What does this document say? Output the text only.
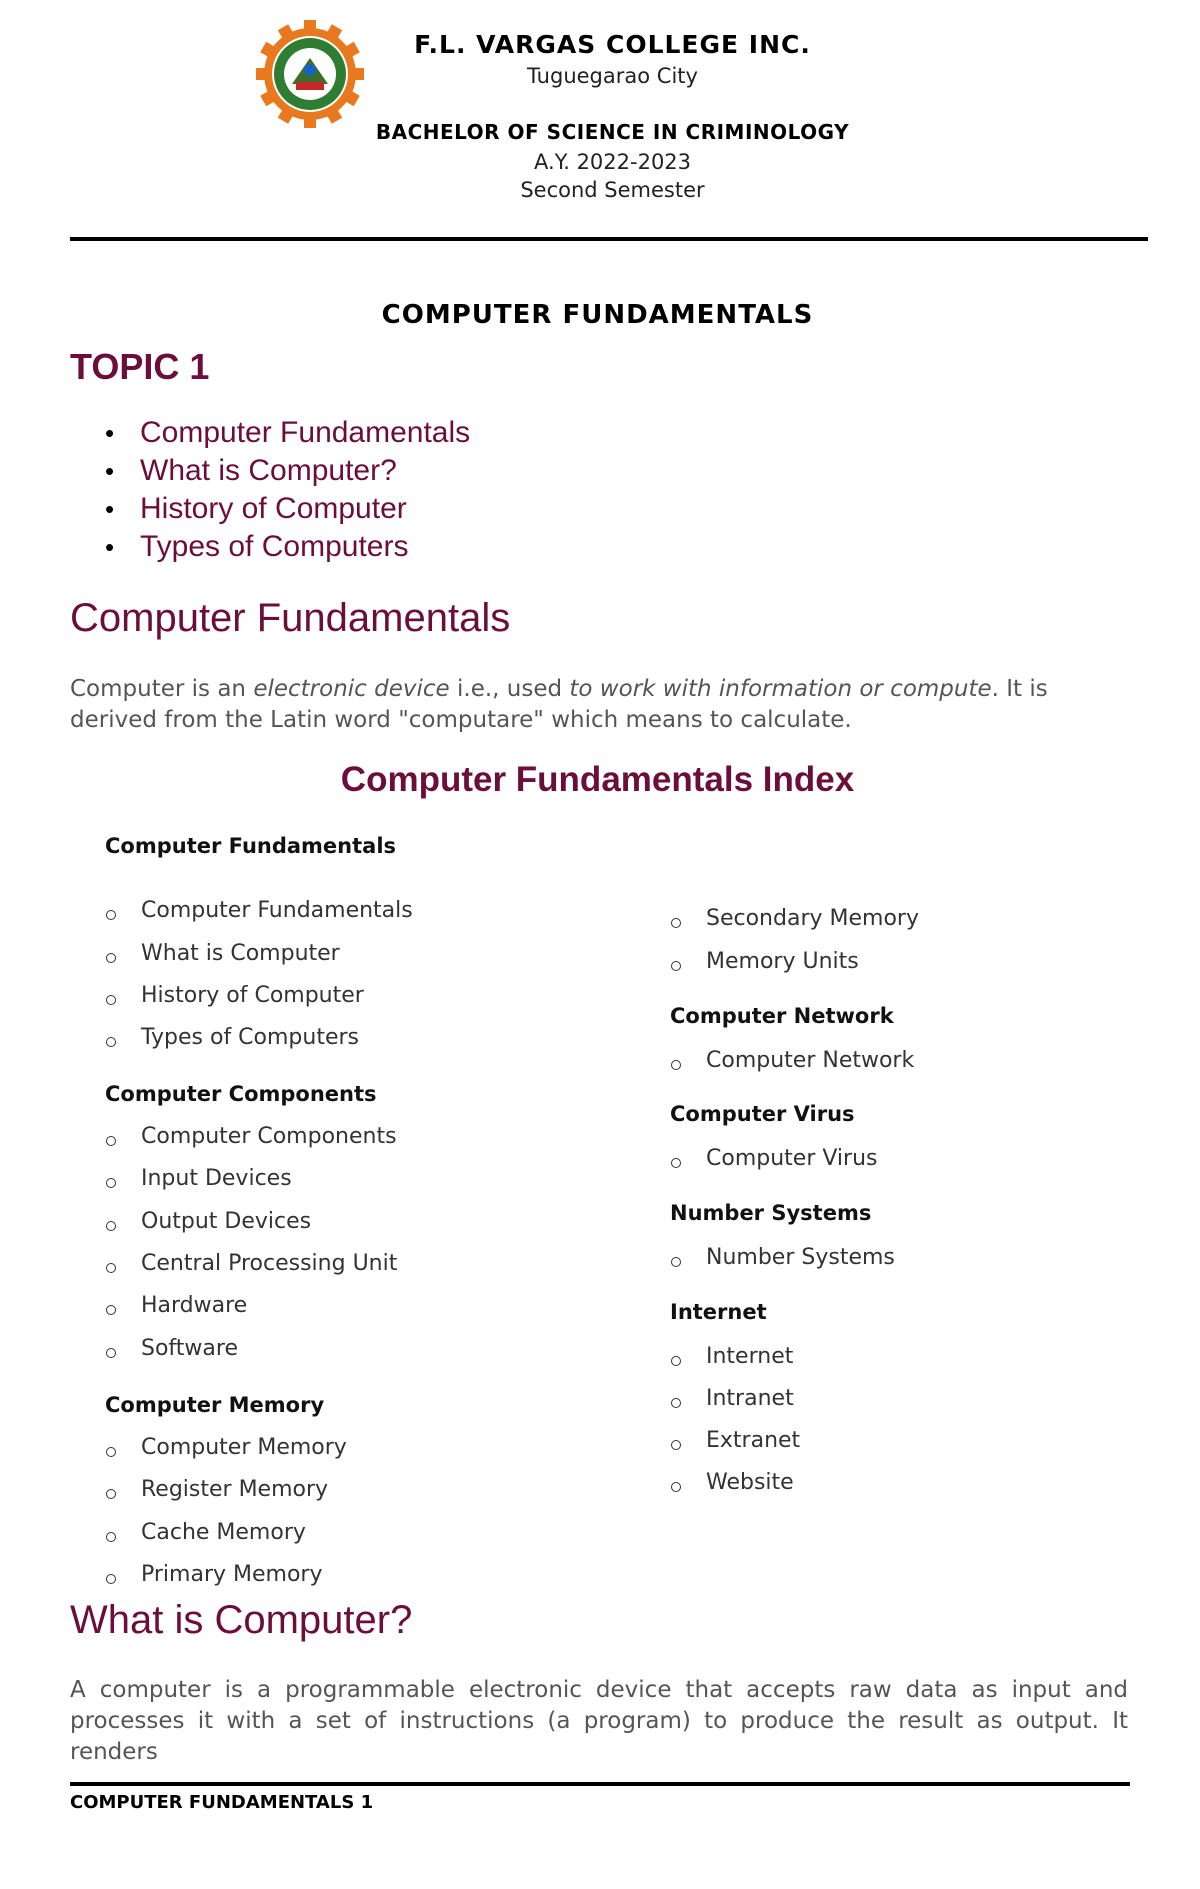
F.L. VARGAS COLLEGE INC.
Tuguegarao City
BACHELOR OF SCIENCE IN CRIMINOLOGY
A.Y. 2022-2023
Second Semester
COMPUTER FUNDAMENTALS
TOPIC 1
• Computer Fundamentals
• What is Computer?
• History of Computer
• Types of Computers
Computer Fundamentals
Computer is an electronic device i.e., used to work with information or compute. It is derived from the Latin word "computare" which means to calculate.
Computer Fundamentals Index
Computer Fundamentals
Computer Fundamentals
What is Computer
History of Computer
Types of Computers
Computer Components
Computer Components
Input Devices
Output Devices
Central Processing Unit
Hardware
Software
Computer Memory
Computer Memory
Register Memory
Cache Memory
Primary Memory
Secondary Memory
Memory Units
Computer Network
Computer Network
Computer Virus
Computer Virus
Number Systems
Number Systems
Internet
Internet
Intranet
Extranet
Website
What is Computer?
A computer is a programmable electronic device that accepts raw data as input and processes it with a set of instructions (a program) to produce the result as output. It renders
COMPUTER FUNDAMENTALS 1
